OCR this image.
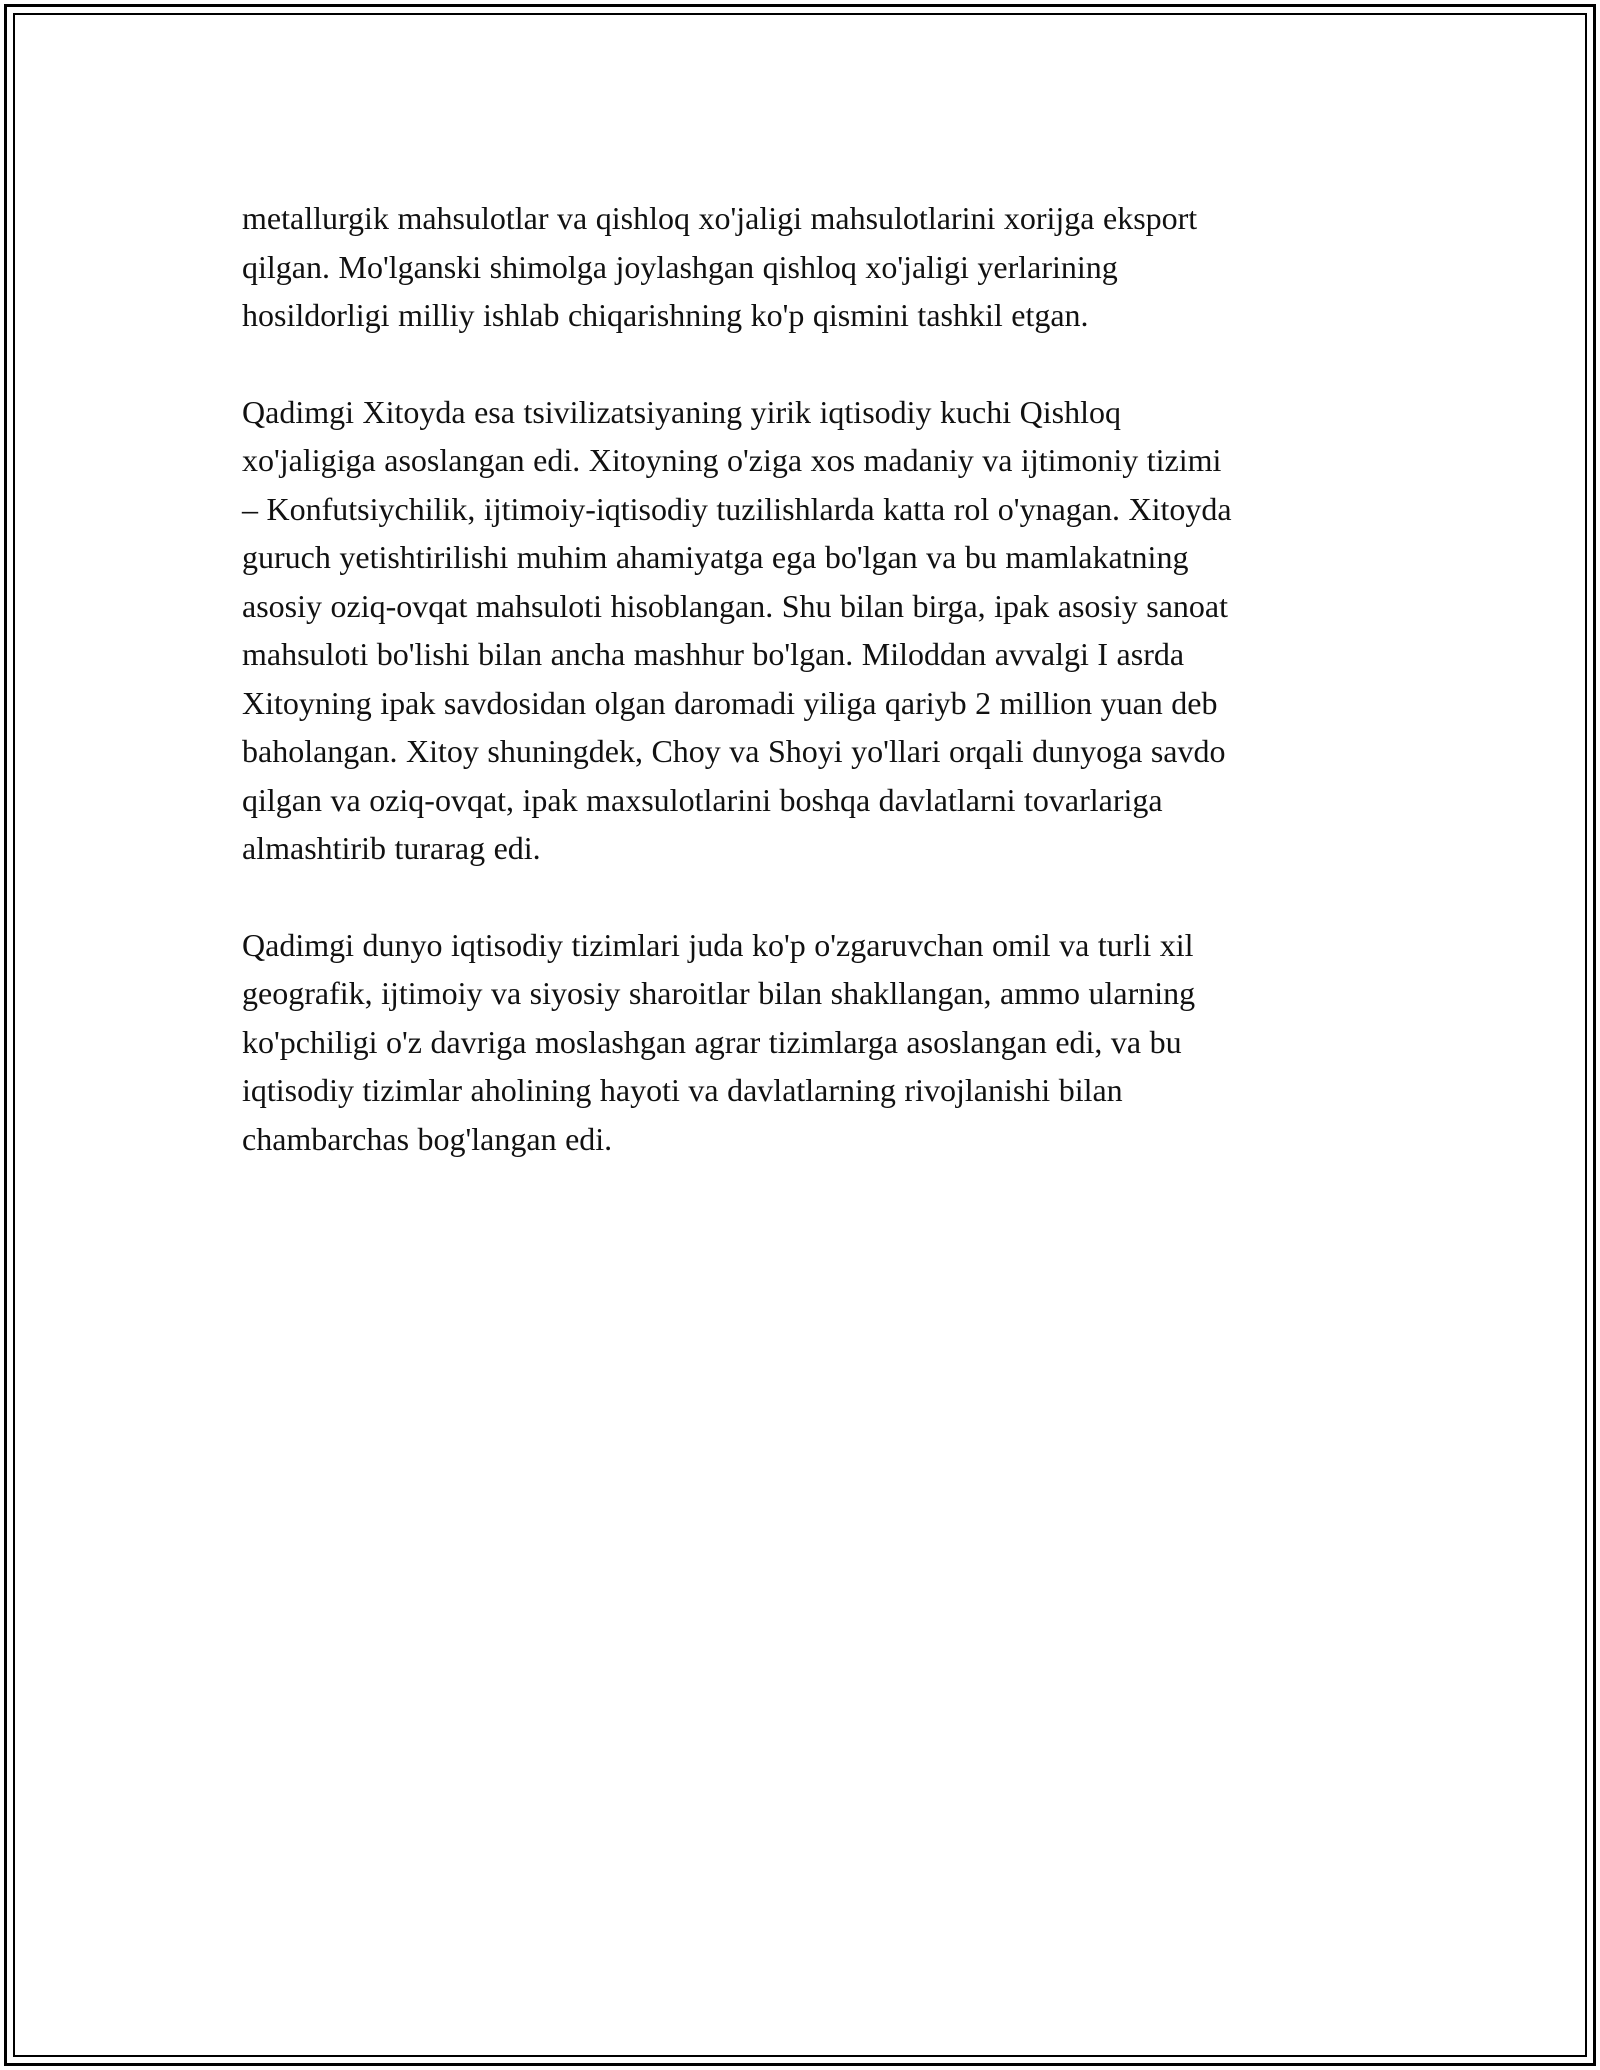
metallurgik mahsulotlar va qishloq xo'jaligi mahsulotlarini xorijga eksport
qilgan. Mo'lganski shimolga joylashgan qishloq xo'jaligi yerlarining
hosildorligi milliy ishlab chiqarishning ko'p qismini tashkil etgan.

Qadimgi Xitoyda esa tsivilizatsiyaning yirik iqtisodiy kuchi Qishloq
xo'jaligiga asoslangan edi. Xitoyning o'ziga xos madaniy va ijtimoniy tizimi
– Konfutsiychilik, ijtimoiy-iqtisodiy tuzilishlarda katta rol o'ynagan. Xitoyda
guruch yetishtirilishi muhim ahamiyatga ega bo'lgan va bu mamlakatning
asosiy oziq-ovqat mahsuloti hisoblangan. Shu bilan birga, ipak asosiy sanoat
mahsuloti bo'lishi bilan ancha mashhur bo'lgan. Miloddan avvalgi I asrda
Xitoyning ipak savdosidan olgan daromadi yiliga qariyb 2 million yuan deb
baholangan. Xitoy shuningdek, Choy va Shoyi yo'llari orqali dunyoga savdo
qilgan va oziq-ovqat, ipak maxsulotlarini boshqa davlatlarni tovarlariga
almashtirib turarag edi.

Qadimgi dunyo iqtisodiy tizimlari juda ko'p o'zgaruvchan omil va turli xil
geografik, ijtimoiy va siyosiy sharoitlar bilan shakllangan, ammo ularning
ko'pchiligi o'z davriga moslashgan agrar tizimlarga asoslangan edi, va bu
iqtisodiy tizimlar aholining hayoti va davlatlarning rivojlanishi bilan
chambarchas bog'langan edi.
